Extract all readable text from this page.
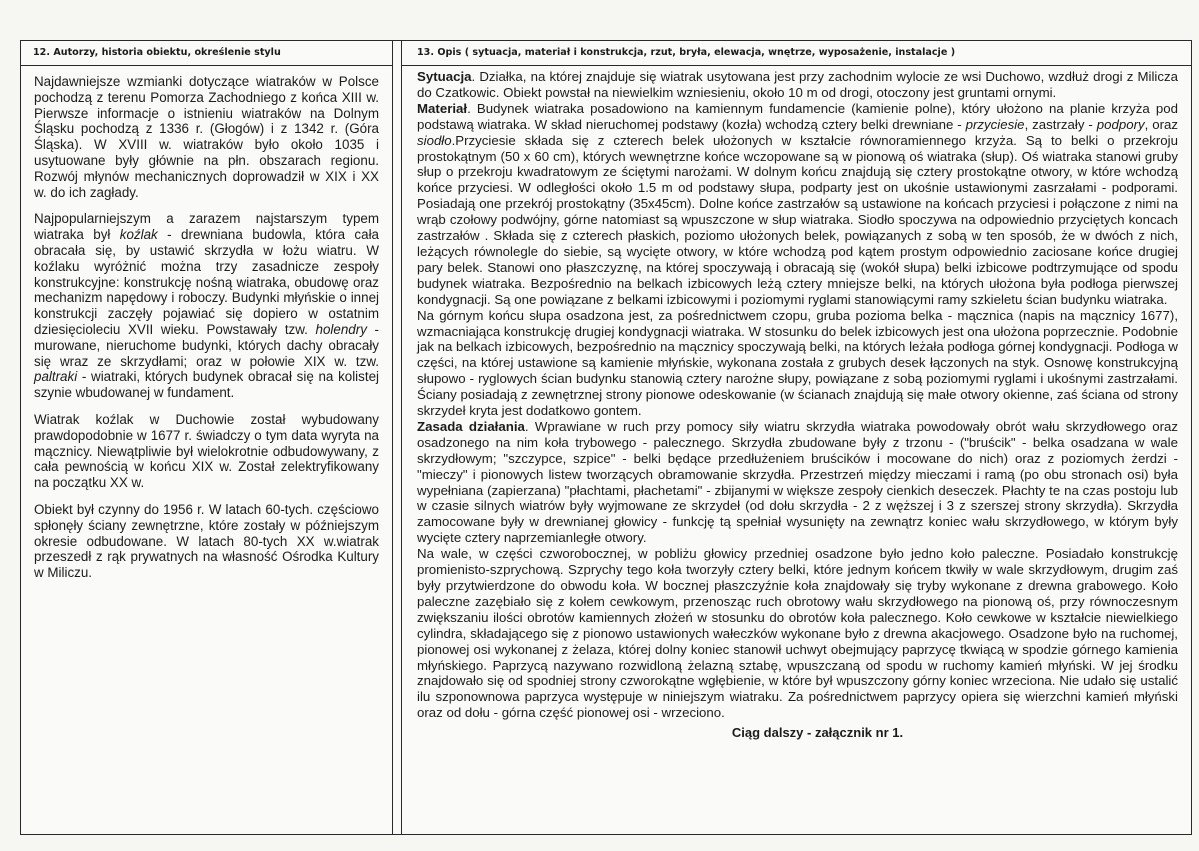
12. Autorzy, historia obiektu, określenie stylu

Najdawniejsze wzmianki dotyczące wiatraków w Polsce pochodzą z terenu Pomorza Zachodniego z końca XIII w. Pierwsze informacje o istnieniu wiatraków na Dolnym Śląsku pochodzą z 1336 r. (Głogów) i z 1342 r. (Góra Śląska). W XVIII w. wiatraków było około 1035 i usytuowane były głównie na płn. obszarach regionu. Rozwój młynów mechanicznych doprowadził w XIX i XX w. do ich zagłady.

Najpopularniejszym a zarazem najstarszym typem wiatraka był koźlak - drewniana budowla, która cała obracała się, by ustawić skrzydła w łożu wiatru. W koźlaku wyróżnić można trzy zasadnicze zespoły konstrukcyjne: konstrukcję nośną wiatraka, obudowę oraz mechanizm napędowy i roboczy. Budynki młyńskie o innej konstrukcji zaczęły pojawiać się dopiero w ostatnim dziesięcioleciu XVII wieku. Powstawały tzw. holendry - murowane, nieruchome budynki, których dachy obracały się wraz ze skrzydłami; oraz w połowie XIX w. tzw. paltraki - wiatraki, których budynek obracał się na kolistej szynie wbudowanej w fundament.

Wiatrak koźlak w Duchowie został wybudowany prawdopodobnie w 1677 r. świadczy o tym data wyryta na mącznicy. Niewątpliwie był wielokrotnie odbudowywany, z cała pewnością w końcu XIX w. Został zelektryfikowany na początku XX w.

Obiekt był czynny do 1956 r. W latach 60-tych. częściowo spłonęły ściany zewnętrzne, które zostały w późniejszym okresie odbudowane. W latach 80-tych XX w.wiatrak przeszedł z rąk prywatnych na własność Ośrodka Kultury w Miliczu.

13. Opis ( sytuacja, materiał i konstrukcja, rzut, bryła, elewacja, wnętrze, wyposażenie, instalacje )

Sytuacja. Działka, na której znajduje się wiatrak usytowana jest przy zachodnim wylocie ze wsi Duchowo, wzdłuż drogi z Milicza do Czatkowic. Obiekt powstał na niewielkim wzniesieniu, około 10 m od drogi, otoczony jest gruntami ornymi.

Materiał. Budynek wiatraka posadowiono na kamiennym fundamencie (kamienie polne), który ułożono na planie krzyża pod podstawą wiatraka. W skład nieruchomej podstawy (kozła) wchodzą cztery belki drewniane - przyciesie, zastrzały - podpory, oraz siodło.Przyciesie składa się z czterech belek ułożonych w kształcie równoramiennego krzyża. Są to belki o przekroju prostokątnym (50 x 60 cm), których wewnętrzne końce wczopowane są w pionową oś wiatraka (słup). Oś wiatraka stanowi gruby słup o przekroju kwadratowym ze ściętymi narożami. W dolnym końcu znajdują się cztery prostokątne otwory, w które wchodzą końce przyciesi. W odległości około 1.5 m od podstawy słupa, podparty jest on ukośnie ustawionymi zasrzałami - podporami. Posiadają one przekrój prostokątny (35x45cm). Dolne końce zastrzałów są ustawione na końcach przyciesi i połączone z nimi na wrąb czołowy podwójny, górne natomiast są wpuszczone w słup wiatraka. Siodło spoczywa na odpowiednio przyciętych koncach zastrzałów . Składa się z czterech płaskich, poziomo ułożonych belek, powiązanych z sobą w ten sposób, że w dwóch z nich, leżących równolegle do siebie, są wycięte otwory, w które wchodzą pod kątem prostym odpowiednio zaciosane końce drugiej pary belek. Stanowi ono płaszczyznę, na której spoczywają i obracają się (wokół słupa) belki izbicowe podtrzymujące od spodu budynek wiatraka. Bezpośrednio na belkach izbicowych leżą cztery mniejsze belki, na których ułożona była podłoga pierwszej kondygnacji. Są one powiązane z belkami izbicowymi i poziomymi ryglami stanowiącymi ramy szkieletu ścian budynku wiatraka.

Na górnym końcu słupa osadzona jest, za pośrednictwem czopu, gruba pozioma belka - mącznica (napis na mącznicy 1677), wzmacniająca konstrukcję drugiej kondygnacji wiatraka. W stosunku do belek izbicowych jest ona ułożona poprzecznie. Podobnie jak na belkach izbicowych, bezpośrednio na mącznicy spoczywają belki, na których leżała podłoga górnej kondygnacji. Podłoga w części, na której ustawione są kamienie młyńskie, wykonana została z grubych desek łączonych na styk. Osnowę konstrukcyjną słupowo - ryglowych ścian budynku stanowią cztery narożne słupy, powiązane z sobą poziomymi ryglami i ukośnymi zastrzałami. Ściany posiadają z zewnętrznej strony pionowe odeskowanie (w ścianach znajdują się małe otwory okienne, zaś ściana od strony skrzydeł kryta jest dodatkowo gontem.

Zasada działania. Wprawiane w ruch przy pomocy siły wiatru skrzydła wiatraka powodowały obrót wału skrzydłowego oraz osadzonego na nim koła trybowego - palecznego. Skrzydła zbudowane były z trzonu - ("bruścik" - belka osadzana w wale skrzydłowym; "szczypce, szpice" - belki będące przedłużeniem bruścików i mocowane do nich) oraz z poziomych żerdzi - "mieczy" i pionowych listew tworzących obramowanie skrzydła. Przestrzeń między mieczami i ramą (po obu stronach osi) była wypełniana (zapierzana) "płachtami, płachetami" - zbijanymi w większe zespoły cienkich deseczek. Płachty te na czas postoju lub w czasie silnych wiatrów były wyjmowane ze skrzydeł (od dołu skrzydła - 2 z węższej i 3 z szerszej strony skrzydła). Skrzydła zamocowane były w drewnianej głowicy - funkcję tą spełniał wysunięty na zewnątrz koniec wału skrzydłowego, w którym były wycięte cztery naprzemianległe otwory.

Na wale, w części czworobocznej, w pobliżu głowicy przedniej osadzone było jedno koło paleczne. Posiadało konstrukcję promienisto-szprychową. Szprychy tego koła tworzyły cztery belki, które jednym końcem tkwiły w wale skrzydłowym, drugim zaś były przytwierdzone do obwodu koła. W bocznej płaszczyźnie koła znajdowały się tryby wykonane z drewna grabowego. Koło paleczne zazębiało się z kołem cewkowym, przenosząc ruch obrotowy wału skrzydłowego na pionową oś, przy równoczesnym zwiększaniu ilości obrotów kamiennych złożeń w stosunku do obrotów koła palecznego. Koło cewkowe w kształcie niewielkiego cylindra, składającego się z pionowo ustawionych wałeczków wykonane było z drewna akacjowego. Osadzone było na ruchomej, pionowej osi wykonanej z żelaza, której dolny koniec stanowił uchwyt obejmujący paprzycę tkwiącą w spodzie górnego kamienia młyńskiego. Paprzycą nazywano rozwidloną żelazną sztabę, wpuszczaną od spodu w ruchomy kamień młyński. W jej środku znajdowało się od spodniej strony czworokątne wgłębienie, w które był wpuszczony górny koniec wrzeciona. Nie udało się ustalić ilu szponownowa paprzyca występuje w niniejszym wiatraku. Za pośrednictwem paprzycy opiera się wierzchni kamień młyński oraz od dołu - górna część pionowej osi - wrzeciono.

Ciąg dalszy - załącznik nr 1.
